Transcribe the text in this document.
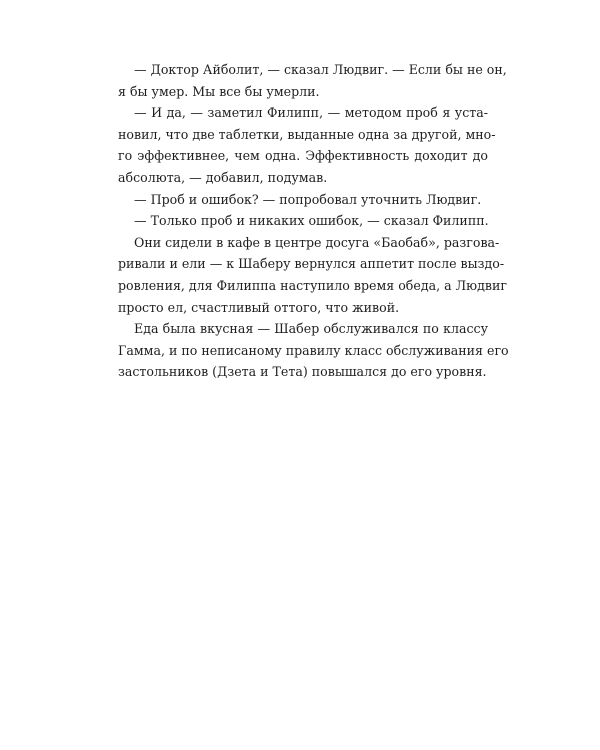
— Доктор Айболит, — сказал Людвиг. — Если бы не он,
я бы умер. Мы все бы умерли.
— И да, — заметил Филипп, — методом проб я уста-
новил, что две таблетки, выданные одна за другой, мно-
го эффективнее, чем одна. Эффективность доходит до
абсолюта, — добавил, подумав.
— Проб и ошибок? — попробовал уточнить Людвиг.
— Только проб и никаких ошибок, — сказал Филипп.
Они сидели в кафе в центре досуга «Баобаб», разгова-
ривали и ели — к Шаберу вернулся аппетит после выздо-
ровления, для Филиппа наступило время обеда, а Людвиг
просто ел, счастливый оттого, что живой.
Еда была вкусная — Шабер обслуживался по классу
Гамма, и по неписаному правилу класс обслуживания его
застольников (Дзета и Тета) повышался до его уровня.
